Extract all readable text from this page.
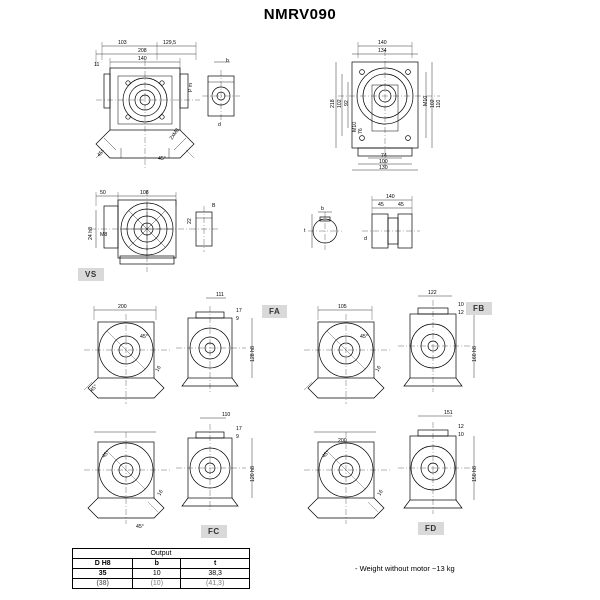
NMRV090
103	129,5
208
140
11
P m
45°
45°
2xM8
b
d
140
134
218 102 92
M10
M10 102
76
74
100
130
110
50	108
24 h8 M8
22
B
140
45	45
b
t
d
200
111
17
9
45°
45°
16
128 h8
105
122
10
12
45°
16
160 h8
110
17
9
45°
45°
16
120 h8
200
151
12
10
45°
16
150 h8
VS
FA	FB
FC	FD
- Weight without motor ~13 kg
Output		
D H8	b	t
35	10	38,3
(38)	(10)	(41,3)
